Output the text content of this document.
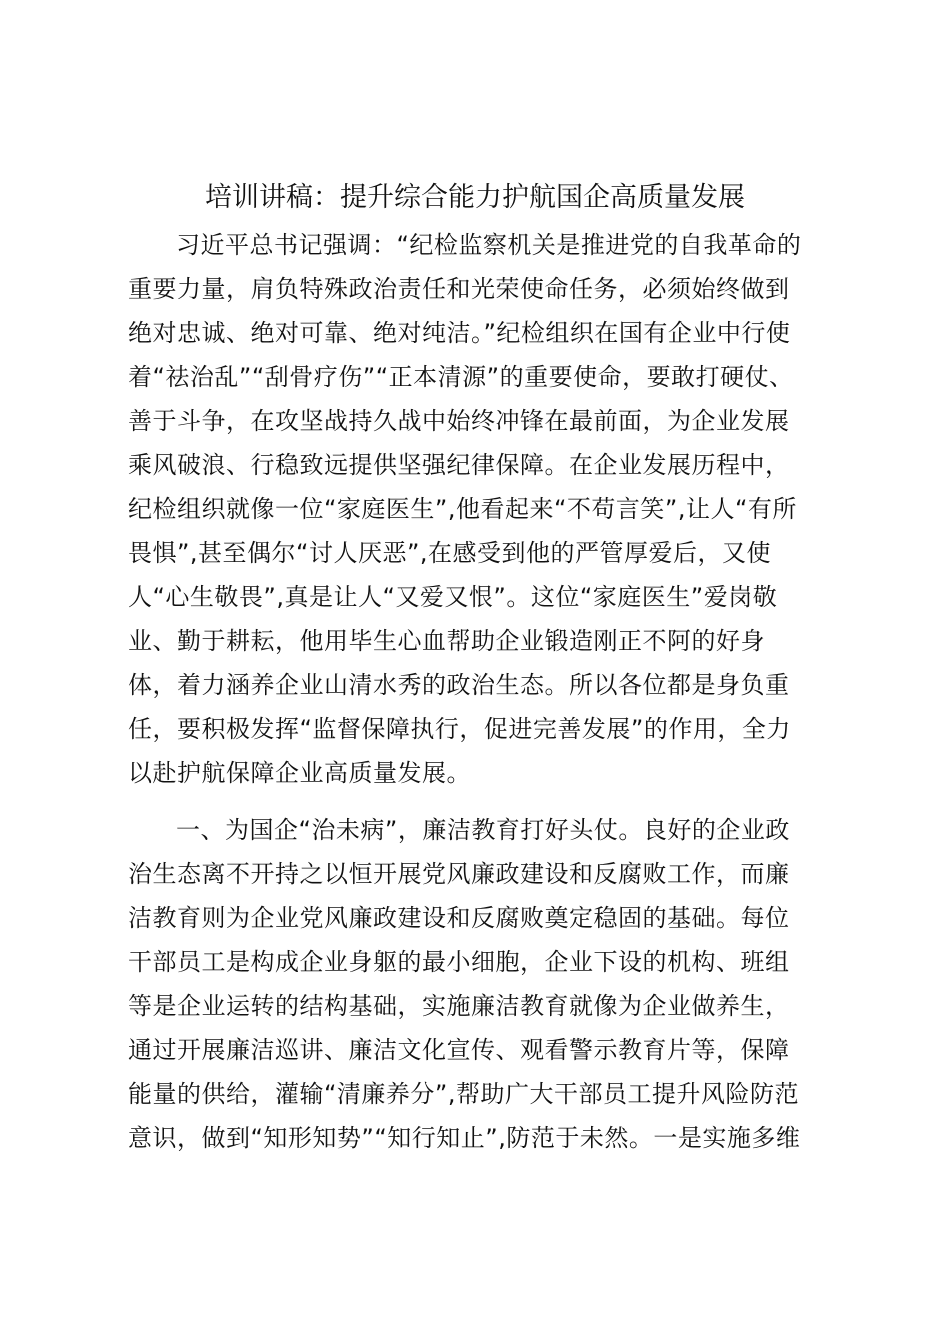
培训讲稿：提升综合能力护航国企高质量发展
习近平总书记强调：“纪检监察机关是推进党的自我革命的
重要力量，肩负特殊政治责任和光荣使命任务，必须始终做到
绝对忠诚、绝对可靠、绝对纯洁。”纪检组织在国有企业中行使
着“祛治乱”“刮骨疗伤”“正本清源”的重要使命，要敢打硬仗、
善于斗争，在攻坚战持久战中始终冲锋在最前面，为企业发展
乘风破浪、行稳致远提供坚强纪律保障。在企业发展历程中，
纪检组织就像一位“家庭医生”,他看起来“不苟言笑”,让人“有所
畏惧”,甚至偶尔“讨人厌恶”,在感受到他的严管厚爱后，又使
人“心生敬畏”,真是让人“又爱又恨”。这位“家庭医生”爱岗敬
业、勤于耕耘，他用毕生心血帮助企业锻造刚正不阿的好身
体，着力涵养企业山清水秀的政治生态。所以各位都是身负重
任，要积极发挥“监督保障执行，促进完善发展”的作用，全力
以赴护航保障企业高质量发展。
一、为国企“治未病”，廉洁教育打好头仗。良好的企业政
治生态离不开持之以恒开展党风廉政建设和反腐败工作，而廉
洁教育则为企业党风廉政建设和反腐败奠定稳固的基础。每位
干部员工是构成企业身躯的最小细胞，企业下设的机构、班组
等是企业运转的结构基础，实施廉洁教育就像为企业做养生，
通过开展廉洁巡讲、廉洁文化宣传、观看警示教育片等，保障
能量的供给，灌输“清廉养分”,帮助广大干部员工提升风险防范
意识，做到“知形知势”“知行知止”,防范于未然。一是实施多维
